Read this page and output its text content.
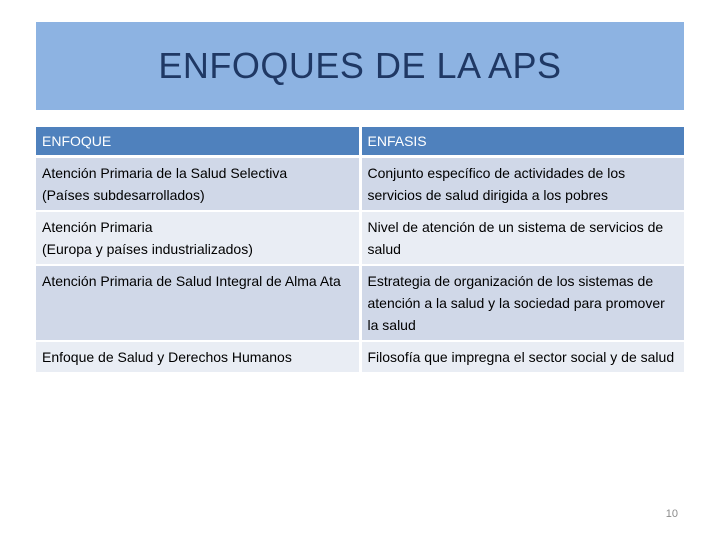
ENFOQUES DE LA APS
ENFOQUE	ENFASIS

Atención Primaria de la Salud Selectiva
(Países subdesarrollados)	Conjunto específico de actividades de los servicios de salud dirigida a los pobres

Atención Primaria
(Europa y países industrializados)	Nivel de atención de un sistema de servicios de salud

Atención Primaria de Salud Integral de Alma Ata	Estrategia de organización de los sistemas de atención a la salud y la sociedad para promover la salud

Enfoque de Salud y Derechos Humanos	Filosofía que impregna el sector social y de salud
10
